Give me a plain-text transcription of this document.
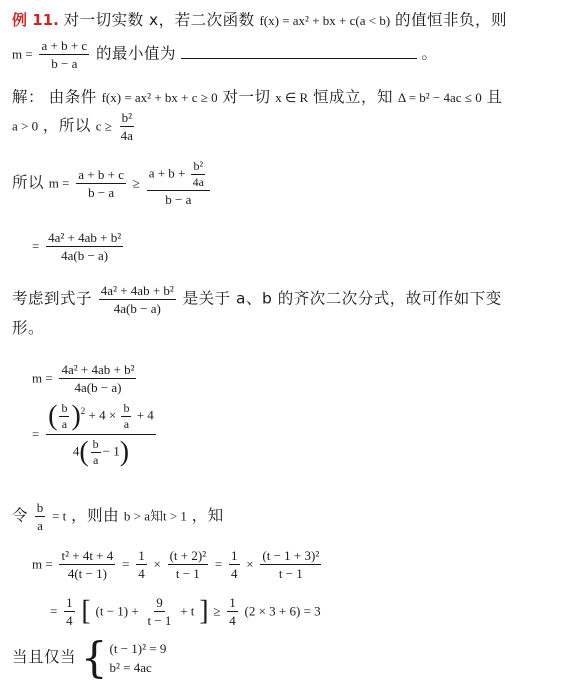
例 11. 对一切实数 x，若二次函数 f(x) = ax² + bx + c(a < b) 的值恒非负，则
$m = \frac{a + b + c}{b - a}$ 的最小值为	。
解： 由条件 f(x) = ax² + bx + c ≥ 0 对一切 x ∈ R 恒成立，知 Δ = b² − 4ac ≤ 0 且
a > 0 ，所以 $c \ge \frac{\text{b²}}{4a}$
所以 $m = \frac{a + b + c}{b - a} \ge \frac{a + b + \frac{\text{b²}}{4a}}{b - a}$
= $\frac{\text{4a² + 4ab + b²}}{4a(b - a)}$
考虑到式子 $\frac{\text{4a² + 4ab + b²}}{4a(b - a)}$ 是关于 a、b 的齐次二次分式，故可作如下变
形。
$m = \frac{\text{4a² + 4ab + b²}}{4a(b - a)}$
= $\frac{( \frac{b}{a} )^2 + 4 \times \frac{b}{a} + 4}{4( \frac{b}{a} - 1)}$
令 $\frac{b}{a} = t$ ，则由 b > a知t > 1 ，知
$m = \frac{\text{t² + 4t + 4}}{4(t - 1)} = \frac{1}{4} \times \frac{\text{(t + 2)²}}{t - 1} = \frac{1}{4} \times \frac{\text{(t − 1 + 3)²}}{t - 1}$
= $\frac{1}{4}$ [ $(t - 1) + \frac{9}{t - 1} + t$ ] ≥ $\frac{1}{4} (2 \times 3 + 6) = 3$
当且仅当 { (t − 1)² = 9
b² = 4ac
